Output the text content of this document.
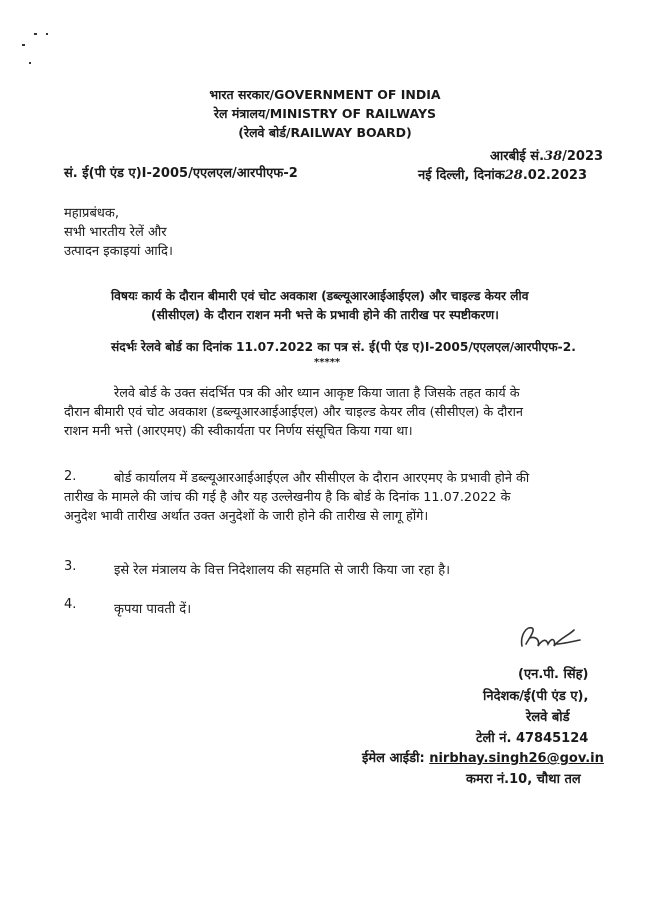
भारत सरकार/GOVERNMENT OF INDIA
रेल मंत्रालय/MINISTRY OF RAILWAYS
(रेलवे बोर्ड/RAILWAY BOARD)
आरबीई सं.38/2023
सं. ई(पी एंड ए)I-2005/एएलएल/आरपीएफ-2	नई दिल्ली, दिनांक28.02.2023
महाप्रबंधक,
सभी भारतीय रेलें और
उत्पादन इकाइयां आदि।
विषयः कार्य के दौरान बीमारी एवं चोट अवकाश (डब्ल्यूआरआईआईएल) और चाइल्ड केयर लीव
(सीसीएल) के दौरान राशन मनी भत्ते के प्रभावी होने की तारीख पर स्पष्टीकरण।
संदर्भः रेलवे बोर्ड का दिनांक 11.07.2022 का पत्र सं. ई(पी एंड ए)I-2005/एएलएल/आरपीएफ-2.
*****
रेलवे बोर्ड के उक्त संदर्भित पत्र की ओर ध्यान आकृष्ट किया जाता है जिसके तहत कार्य के
दौरान बीमारी एवं चोट अवकाश (डब्ल्यूआरआईआईएल) और चाइल्ड केयर लीव (सीसीएल) के दौरान
राशन मनी भत्ते (आरएमए) की स्वीकार्यता पर निर्णय संसूचित किया गया था।
2.	बोर्ड कार्यालय में डब्ल्यूआरआईआईएल और सीसीएल के दौरान आरएमए के प्रभावी होने की
तारीख के मामले की जांच की गई है और यह उल्लेखनीय है कि बोर्ड के दिनांक 11.07.2022 के
अनुदेश भावी तारीख अर्थात उक्त अनुदेशों के जारी होने की तारीख से लागू होंगे।
3.	इसे रेल मंत्रालय के वित्त निदेशालय की सहमति से जारी किया जा रहा है।
4.	कृपया पावती दें।
(एन.पी. सिंह)
निदेशक/ई(पी एंड ए),
रेलवे बोर्ड
टेली नं. 47845124
ईमेल आईडी: nirbhay.singh26@gov.in
कमरा नं.10, चौथा तल
